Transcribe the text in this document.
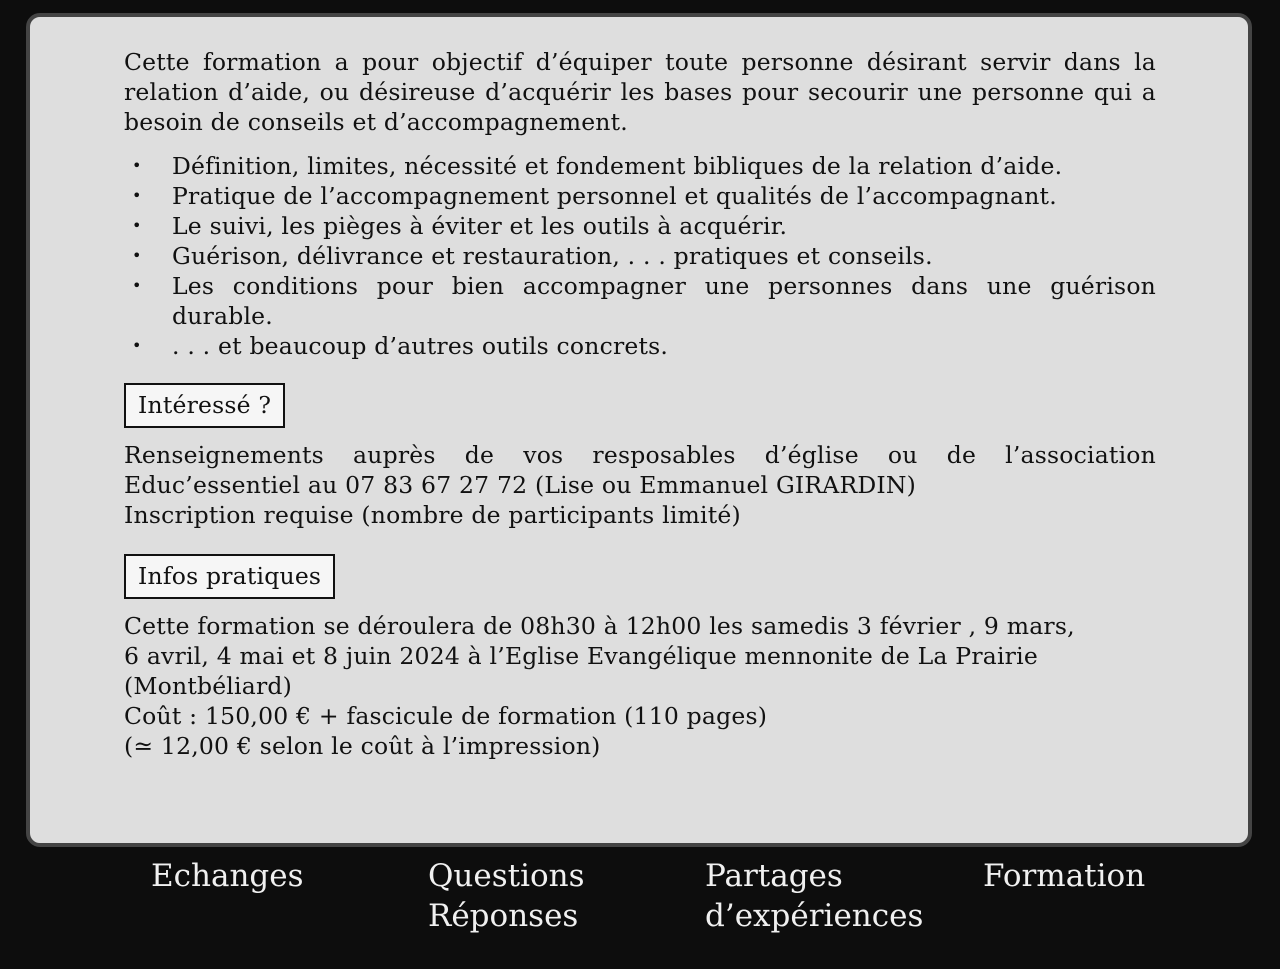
Cette formation a pour objectif d’équiper toute personne désirant servir dans la relation d’aide, ou désireuse d’acquérir les bases pour secourir une personne qui a besoin de conseils et d’accompagnement.

• Définition, limites, nécessité et fondement bibliques de la relation d’aide.
• Pratique de l’accompagnement personnel et qualités de l’accompagnant.
• Le suivi, les pièges à éviter et les outils à acquérir.
• Guérison, délivrance et restauration, . . . pratiques et conseils.
• Les conditions pour bien accompagner une personnes dans une guérison durable.
• . . . et beaucoup d’autres outils concrets.
Intéressé ?
Renseignements auprès de vos resposables d’église ou de l’association
Educ’essentiel au 07 83 67 27 72 (Lise ou Emmanuel GIRARDIN)
Inscription requise (nombre de participants limité)
Infos pratiques
Cette formation se déroulera de 08h30 à 12h00 les samedis 3 février , 9 mars,
6 avril, 4 mai et 8 juin 2024 à l’Eglise Evangélique mennonite de La Prairie
(Montbéliard)
Coût : 150,00 € + fascicule de formation (110 pages)
(≃ 12,00 € selon le coût à l’impression)
Echanges	Questions
Réponses
Partages
d’expériences
Formation
